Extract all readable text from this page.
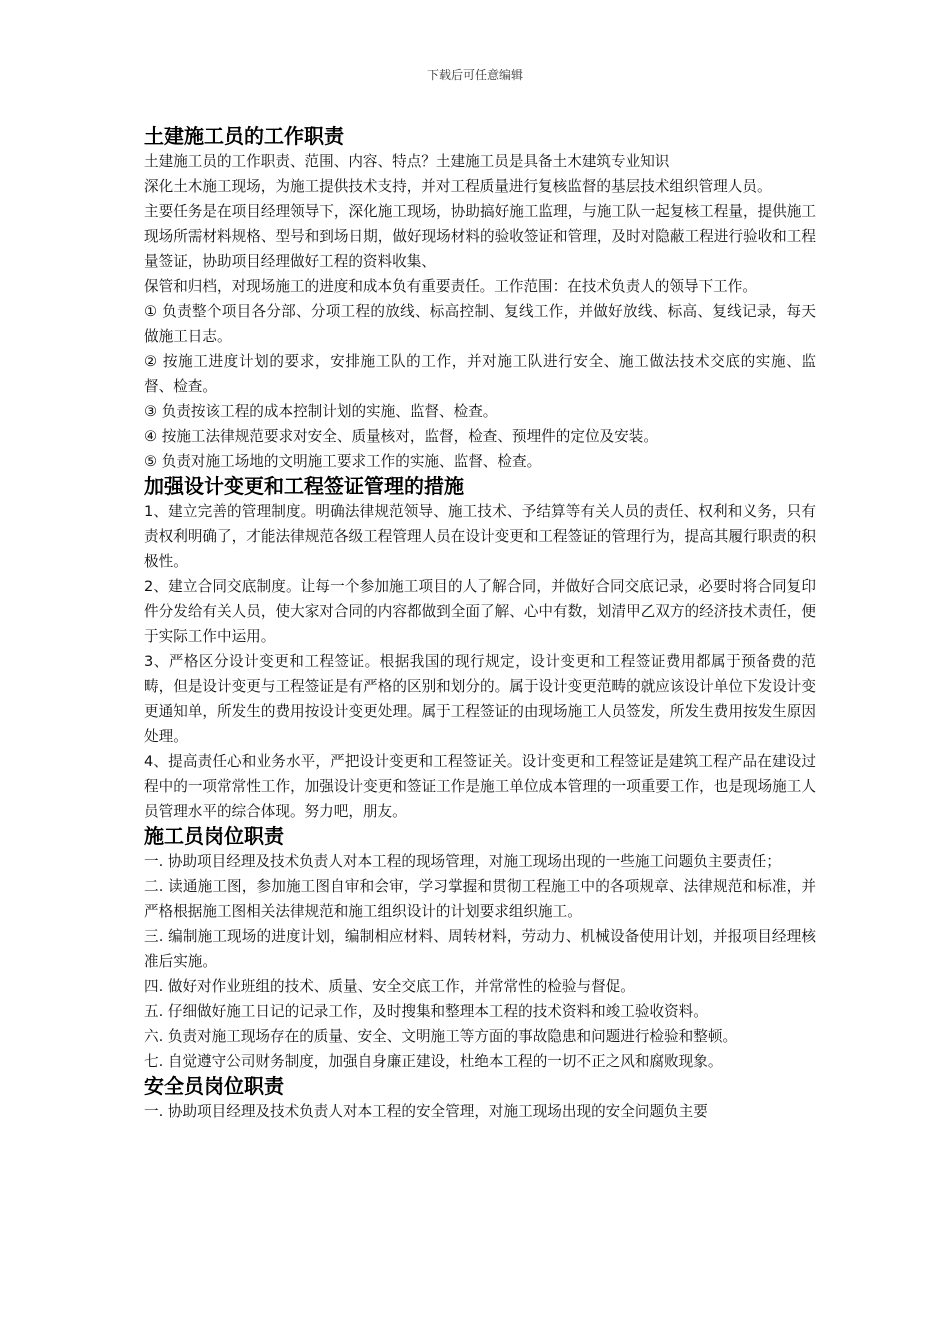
下载后可任意编辑
土建施工员的工作职责

土建施工员的工作职责、范围、内容、特点？土建施工员是具备土木建筑专业知识

深化土木施工现场，为施工提供技术支持，并对工程质量进行复核监督的基层技术组织管理人员。

主要任务是在项目经理领导下，深化施工现场，协助搞好施工监理，与施工队一起复核工程量，提供施工现场所需材料规格、型号和到场日期，做好现场材料的验收签证和管理，及时对隐蔽工程进行验收和工程量签证，协助项目经理做好工程的资料收集、

保管和归档，对现场施工的进度和成本负有重要责任。工作范围：在技术负责人的领导下工作。

① 负责整个项目各分部、分项工程的放线、标高控制、复线工作，并做好放线、标高、复线记录，每天做施工日志。

② 按施工进度计划的要求，安排施工队的工作，并对施工队进行安全、施工做法技术交底的实施、监督、检查。

③ 负责按该工程的成本控制计划的实施、监督、检查。

④ 按施工法律规范要求对安全、质量核对，监督，检查、预埋件的定位及安装。

⑤ 负责对施工场地的文明施工要求工作的实施、监督、检查。

加强设计变更和工程签证管理的措施

1、建立完善的管理制度。明确法律规范领导、施工技术、予结算等有关人员的责任、权利和义务，只有责权利明确了，才能法律规范各级工程管理人员在设计变更和工程签证的管理行为，提高其履行职责的积极性。

2、建立合同交底制度。让每一个参加施工项目的人了解合同，并做好合同交底记录，必要时将合同复印件分发给有关人员，使大家对合同的内容都做到全面了解、心中有数，划清甲乙双方的经济技术责任，便于实际工作中运用。

3、严格区分设计变更和工程签证。根据我国的现行规定，设计变更和工程签证费用都属于预备费的范畴，但是设计变更与工程签证是有严格的区别和划分的。属于设计变更范畴的就应该设计单位下发设计变更通知单，所发生的费用按设计变更处理。属于工程签证的由现场施工人员签发，所发生费用按发生原因处理。

4、提高责任心和业务水平，严把设计变更和工程签证关。设计变更和工程签证是建筑工程产品在建设过程中的一项常常性工作，加强设计变更和签证工作是施工单位成本管理的一项重要工作，也是现场施工人员管理水平的综合体现。努力吧，朋友。

施工员岗位职责

一. 协助项目经理及技术负责人对本工程的现场管理，对施工现场出现的一些施工问题负主要责任；

二. 读通施工图，参加施工图自审和会审，学习掌握和贯彻工程施工中的各项规章、法律规范和标准，并严格根据施工图相关法律规范和施工组织设计的计划要求组织施工。

三. 编制施工现场的进度计划，编制相应材料、周转材料，劳动力、机械设备使用计划，并报项目经理核准后实施。

四. 做好对作业班组的技术、质量、安全交底工作，并常常性的检验与督促。

五. 仔细做好施工日记的记录工作，及时搜集和整理本工程的技术资料和竣工验收资料。

六. 负责对施工现场存在的质量、安全、文明施工等方面的事故隐患和问题进行检验和整顿。

七. 自觉遵守公司财务制度，加强自身廉正建设，杜绝本工程的一切不正之风和腐败现象。

安全员岗位职责

一. 协助项目经理及技术负责人对本工程的安全管理，对施工现场出现的安全问题负主要
